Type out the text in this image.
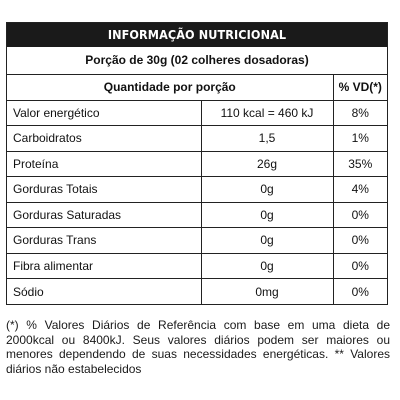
INFORMAÇÃO NUTRICIONAL
Porção de 30g (02 colheres dosadoras)
Quantidade por porção		% VD(*)
Valor energético	110 kcal = 460 kJ	8%
Carboidratos	1,5	1%
Proteína	26g	35%
Gorduras Totais	0g	4%
Gorduras Saturadas	0g	0%
Gorduras Trans	0g	0%
Fibra alimentar	0g	0%
Sódio	0mg	0%

(*) % Valores Diários de Referência com base em uma dieta de 2000kcal ou 8400kJ. Seus valores diários podem ser maiores ou menores dependendo de suas necessidades energéticas. ** Valores diários não estabelecidos
